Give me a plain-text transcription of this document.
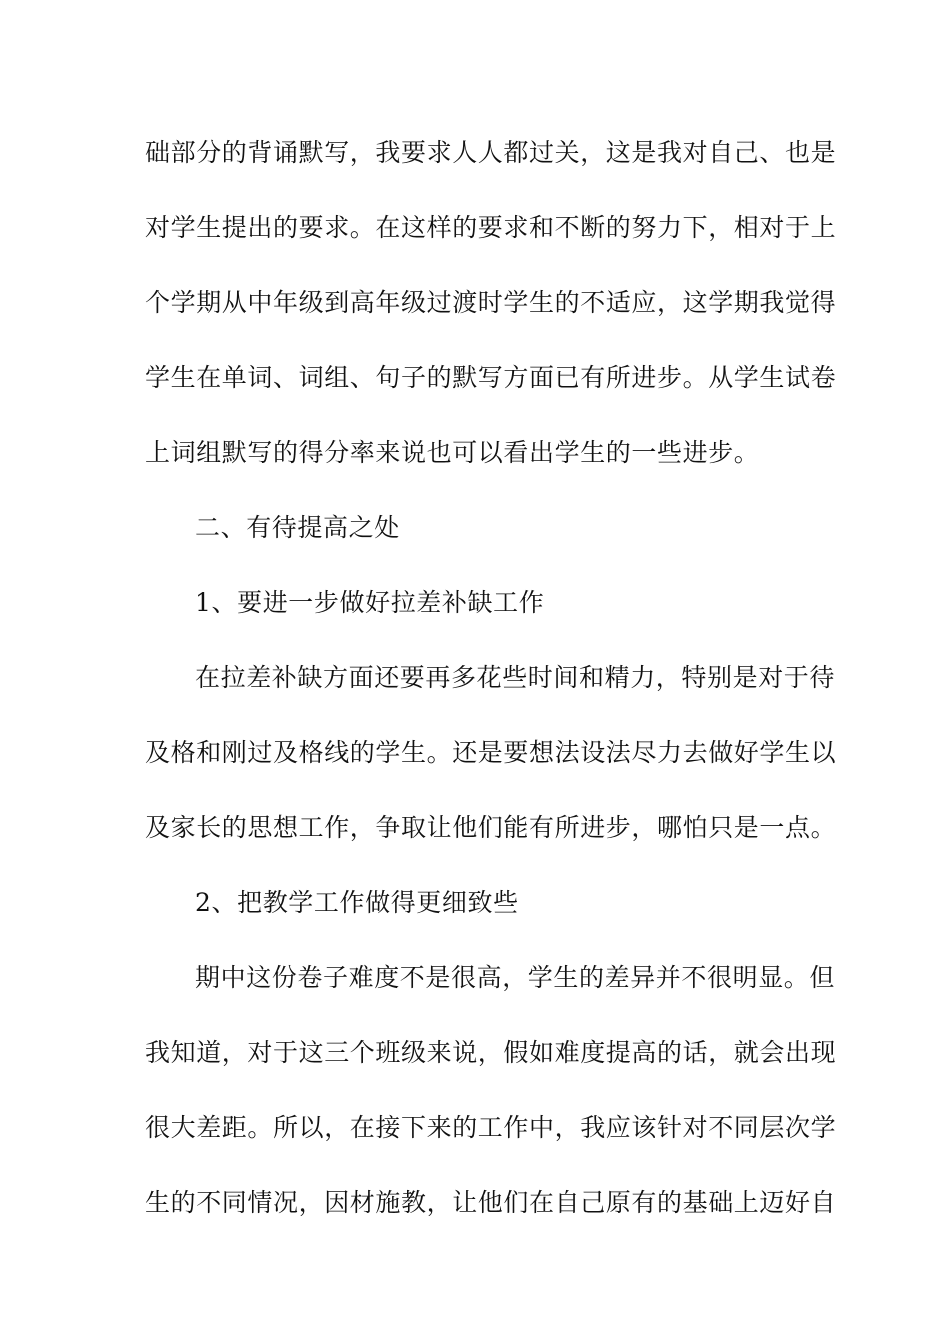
础部分的背诵默写，我要求人人都过关，这是我对自己、也是
对学生提出的要求。在这样的要求和不断的努力下，相对于上
个学期从中年级到高年级过渡时学生的不适应，这学期我觉得
学生在单词、词组、句子的默写方面已有所进步。从学生试卷
上词组默写的得分率来说也可以看出学生的一些进步。
二、有待提高之处
1、要进一步做好拉差补缺工作
在拉差补缺方面还要再多花些时间和精力，特别是对于待
及格和刚过及格线的学生。还是要想法设法尽力去做好学生以
及家长的思想工作，争取让他们能有所进步，哪怕只是一点。
2、把教学工作做得更细致些
期中这份卷子难度不是很高，学生的差异并不很明显。但
我知道，对于这三个班级来说，假如难度提高的话，就会出现
很大差距。所以，在接下来的工作中，我应该针对不同层次学
生的不同情况，因材施教，让他们在自己原有的基础上迈好自
